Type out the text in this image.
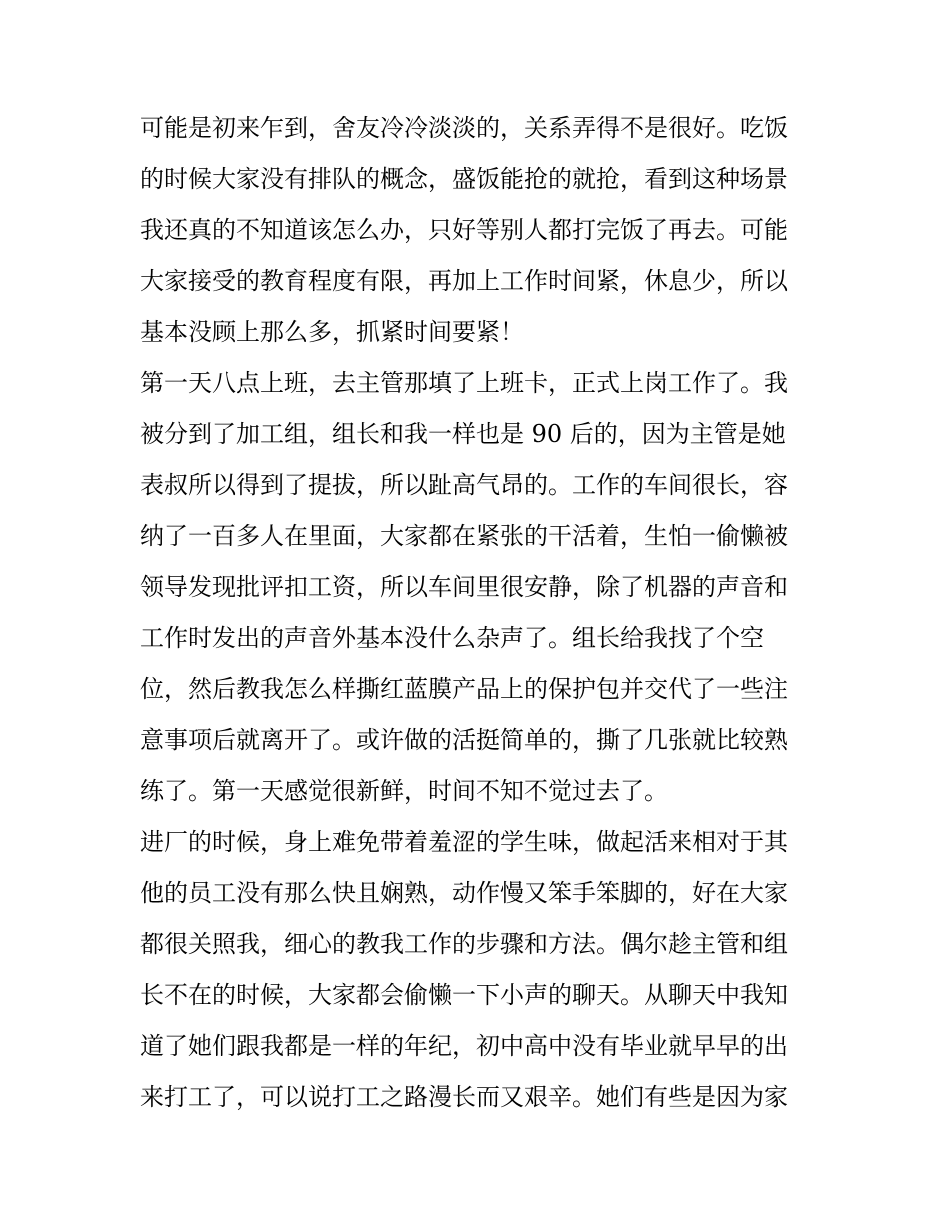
可能是初来乍到，舍友冷冷淡淡的，关系弄得不是很好。吃饭
的时候大家没有排队的概念，盛饭能抢的就抢，看到这种场景
我还真的不知道该怎么办，只好等别人都打完饭了再去。可能
大家接受的教育程度有限，再加上工作时间紧，休息少，所以
基本没顾上那么多，抓紧时间要紧！
第一天八点上班，去主管那填了上班卡，正式上岗工作了。我
被分到了加工组，组长和我一样也是 90 后的，因为主管是她
表叔所以得到了提拔，所以趾高气昂的。工作的车间很长，容
纳了一百多人在里面，大家都在紧张的干活着，生怕一偷懒被
领导发现批评扣工资，所以车间里很安静，除了机器的声音和
工作时发出的声音外基本没什么杂声了。组长给我找了个空
位，然后教我怎么样撕红蓝膜产品上的保护包并交代了一些注
意事项后就离开了。或许做的活挺简单的，撕了几张就比较熟
练了。第一天感觉很新鲜，时间不知不觉过去了。
进厂的时候，身上难免带着羞涩的学生味，做起活来相对于其
他的员工没有那么快且娴熟，动作慢又笨手笨脚的，好在大家
都很关照我，细心的教我工作的步骤和方法。偶尔趁主管和组
长不在的时候，大家都会偷懒一下小声的聊天。从聊天中我知
道了她们跟我都是一样的年纪，初中高中没有毕业就早早的出
来打工了，可以说打工之路漫长而又艰辛。她们有些是因为家
